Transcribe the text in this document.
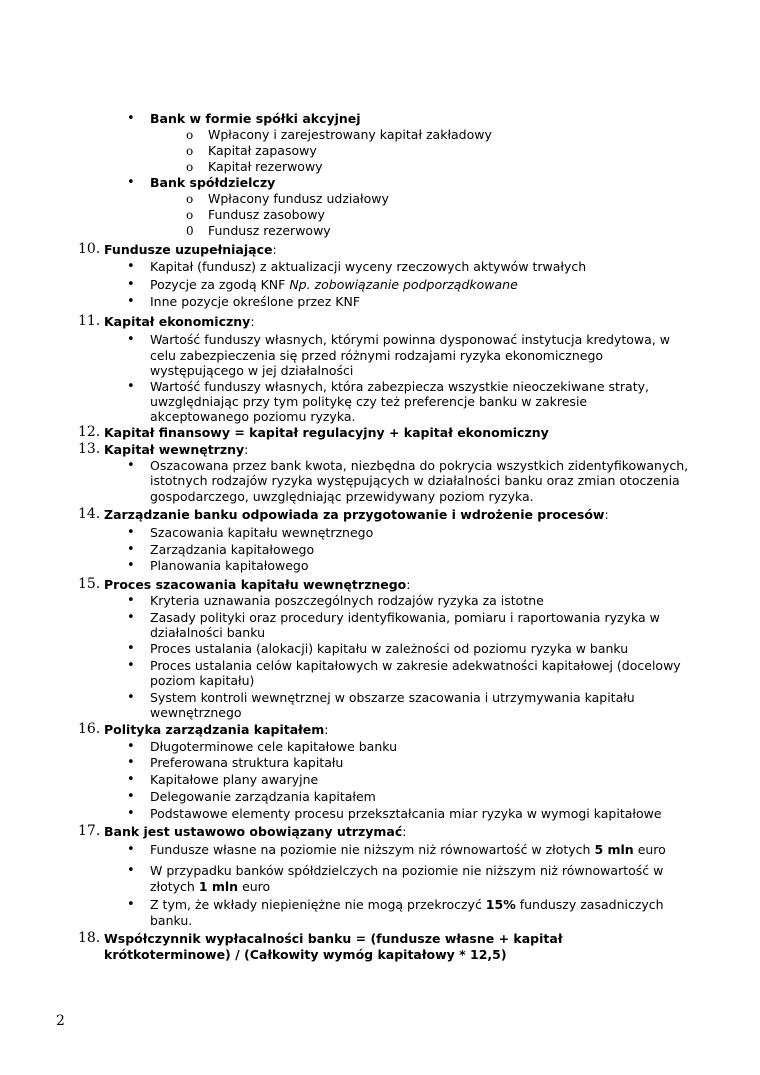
• Bank w formie spółki akcyjnej
o Wpłacony i zarejestrowany kapitał zakładowy
o Kapitał zapasowy
o Kapitał rezerwowy
• Bank spółdzielczy
o Wpłacony fundusz udziałowy
o Fundusz zasobowy
0 Fundusz rezerwowy
10. Fundusze uzupełniające:
• Kapitał (fundusz) z aktualizacji wyceny rzeczowych aktywów trwałych
• Pozycje za zgodą KNF Np. zobowiązanie podporządkowane
• Inne pozycje określone przez KNF
11. Kapitał ekonomiczny:
• Wartość funduszy własnych, którymi powinna dysponować instytucja kredytowa, w
celu zabezpieczenia się przed różnymi rodzajami ryzyka ekonomicznego
występującego w jej działalności
• Wartość funduszy własnych, która zabezpiecza wszystkie nieoczekiwane straty,
uwzględniając przy tym politykę czy też preferencje banku w zakresie
akceptowanego poziomu ryzyka.
12. Kapitał finansowy = kapitał regulacyjny + kapitał ekonomiczny
13. Kapitał wewnętrzny:
• Oszacowana przez bank kwota, niezbędna do pokrycia wszystkich zidentyfikowanych,
istotnych rodzajów ryzyka występujących w działalności banku oraz zmian otoczenia
gospodarczego, uwzględniając przewidywany poziom ryzyka.
14. Zarządzanie banku odpowiada za przygotowanie i wdrożenie procesów:
• Szacowania kapitału wewnętrznego
• Zarządzania kapitałowego
• Planowania kapitałowego
15. Proces szacowania kapitału wewnętrznego:
• Kryteria uznawania poszczególnych rodzajów ryzyka za istotne
• Zasady polityki oraz procedury identyfikowania, pomiaru i raportowania ryzyka w
działalności banku
• Proces ustalania (alokacji) kapitału w zależności od poziomu ryzyka w banku
• Proces ustalania celów kapitałowych w zakresie adekwatności kapitałowej (docelowy
poziom kapitału)
• System kontroli wewnętrznej w obszarze szacowania i utrzymywania kapitału
wewnętrznego
16. Polityka zarządzania kapitałem:
• Długoterminowe cele kapitałowe banku
• Preferowana struktura kapitału
• Kapitałowe plany awaryjne
• Delegowanie zarządzania kapitałem
• Podstawowe elementy procesu przekształcania miar ryzyka w wymogi kapitałowe
17. Bank jest ustawowo obowiązany utrzymać:
• Fundusze własne na poziomie nie niższym niż równowartość w złotych 5 mln euro
• W przypadku banków spółdzielczych na poziomie nie niższym niż równowartość w
złotych 1 mln euro
• Z tym, że wkłady niepieniężne nie mogą przekroczyć 15% funduszy zasadniczych
banku.
18. Współczynnik wypłacalności banku = (fundusze własne + kapitał
krótkoterminowe) / (Całkowity wymóg kapitałowy * 12,5)
2
